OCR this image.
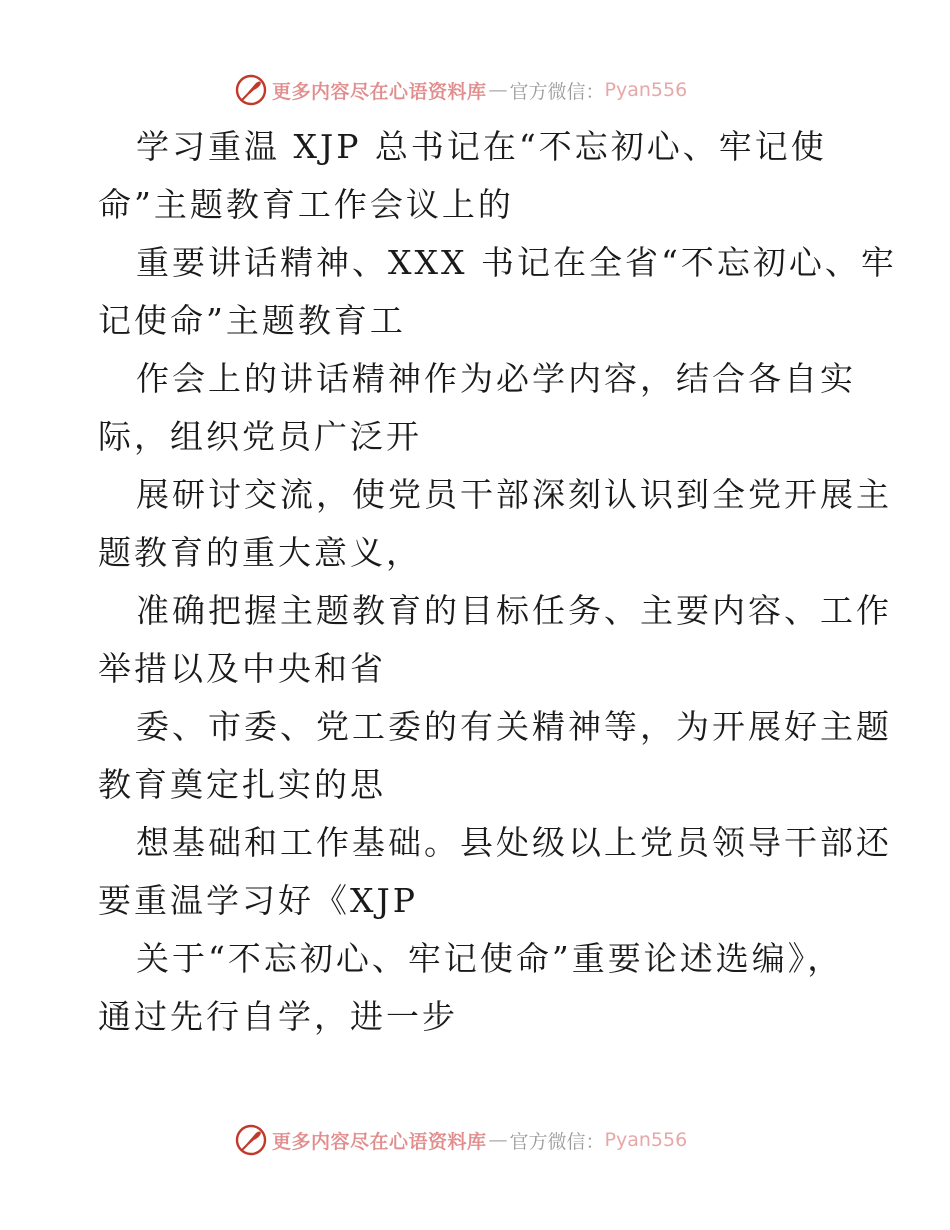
更多内容尽在心语资料库 — 官方微信： Pyan556
学习重温 XJP 总书记在“不忘初心、牢记使
命”主题教育工作会议上的
重要讲话精神、XXX 书记在全省“不忘初心、牢
记使命”主题教育工
作会上的讲话精神作为必学内容，结合各自实
际，组织党员广泛开
展研讨交流，使党员干部深刻认识到全党开展主
题教育的重大意义，
准确把握主题教育的目标任务、主要内容、工作
举措以及中央和省
委、市委、党工委的有关精神等，为开展好主题
教育奠定扎实的思
想基础和工作基础。县处级以上党员领导干部还
要重温学习好《XJP
关于“不忘初心、牢记使命”重要论述选编》，
通过先行自学，进一步
更多内容尽在心语资料库 — 官方微信： Pyan556
